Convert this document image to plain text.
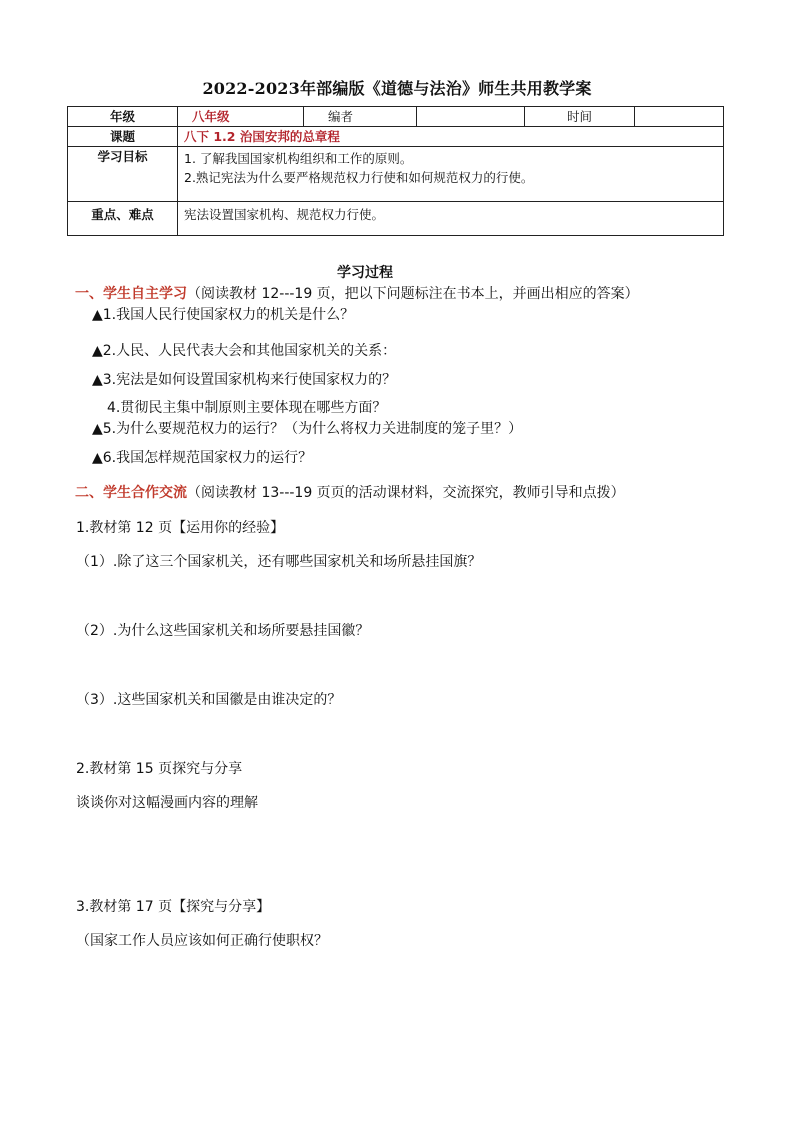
2022-2023年部编版《道德与法治》师生共用教学案
年级	八年级	编者		时间	
课题	八下 1.2 治国安邦的总章程				
学习目标	1. 了解我国国家机构组织和工作的原则。
2.熟记宪法为什么要严格规范权力行使和如何规范权力的行使。				

重点、难点	宪法设置国家机构、规范权力行使。				
学习过程
一、学生自主学习（阅读教材 12---19 页，把以下问题标注在书本上，并画出相应的答案）
▲1.我国人民行使国家权力的机关是什么？
▲2.人民、人民代表大会和其他国家机关的关系：
▲3.宪法是如何设置国家机构来行使国家权力的？
4.贯彻民主集中制原则主要体现在哪些方面？
▲5.为什么要规范权力的运行？（为什么将权力关进制度的笼子里？）
▲6.我国怎样规范国家权力的运行？
二、学生合作交流（阅读教材 13---19 页页的活动课材料，交流探究，教师引导和点拨）
1.教材第 12 页【运用你的经验】
（1）.除了这三个国家机关，还有哪些国家机关和场所悬挂国旗？
（2）.为什么这些国家机关和场所要悬挂国徽？
（3）.这些国家机关和国徽是由谁决定的？
2.教材第 15 页探究与分享
谈谈你对这幅漫画内容的理解
3.教材第 17 页【探究与分享】
（国家工作人员应该如何正确行使职权？
